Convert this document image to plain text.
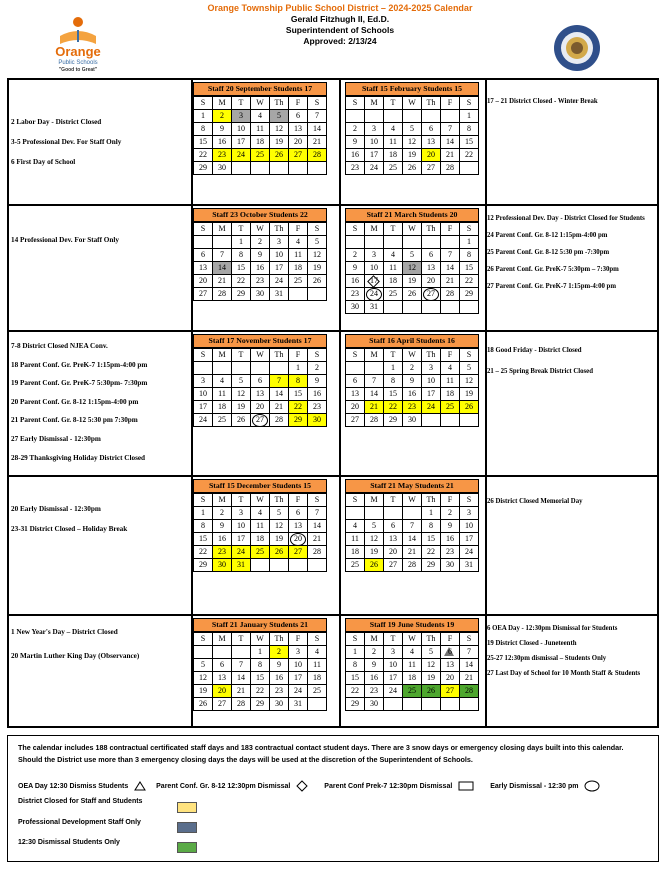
Orange
Public Schools
"Good to Great"
Orange Township Public School District – 2024-2025 Calendar
Gerald Fitzhugh II, Ed.D.
Superintendent of Schools
Approved: 2/13/24
2 Labor Day - District Closed
3-5 Professional Dev. For Staff Only
6 First Day of School
17 – 21 District Closed - Winter Break
Staff 20 September Students 17
S	M	T	W	Th	F	S
1	2	3	4	5	6	7
8	9	10	11	12	13	14
15	16	17	18	19	20	21
22	23	24	25	26	27	28
29	30					
Staff 15 February Students 15
S	M	T	W	Th	F	S
						1
2	3	4	5	6	7	8
9	10	11	12	13	14	15
16	17	18	19	20	21	22
23	24	25	26	27	28	
14 Professional Dev. For Staff Only
12 Professional Dev. Day - District Closed for Students
24 Parent Conf. Gr. 8-12 1:15pm-4:00 pm
25 Parent Conf. Gr. 8-12 5:30 pm -7:30pm
26 Parent Conf. Gr. PreK-7 5:30pm – 7:30pm
27 Parent Conf. Gr. PreK-7 1:15pm-4:00 pm
Staff 23 October Students 22
S	M	T	W	Th	F	S
		1	2	3	4	5
6	7	8	9	10	11	12
13	14	15	16	17	18	19
20	21	22	23	24	25	26
27	28	29	30	31		
Staff 21 March Students 20
S	M	T	W	Th	F	S
						1
2	3	4	5	6	7	8
9	10	11	12	13	14	15
16	17	18	19	20	21	22
23	24	25	26	27	28	29
30	31					
7-8 District Closed NJEA Conv.
18 Parent Conf. Gr. PreK-7 1:15pm-4:00 pm
19 Parent Conf. Gr. PreK-7 5:30pm- 7:30pm
20 Parent Conf. Gr. 8-12 1:15pm-4:00 pm
21 Parent Conf. Gr. 8-12 5:30 pm 7:30pm
27 Early Dismissal - 12:30pm
28-29 Thanksgiving Holiday District Closed
18 Good Friday - District Closed
21 – 25 Spring Break District Closed
Staff 17 November Students 17
S	M	T	W	Th	F	S
					1	2
3	4	5	6	7	8	9
10	11	12	13	14	15	16
17	18	19	20	21	22	23
24	25	26	27	28	29	30
Staff 16 April Students 16
S	M	T	W	Th	F	S
		1	2	3	4	5
6	7	8	9	10	11	12
13	14	15	16	17	18	19
20	21	22	23	24	25	26
27	28	29	30			
20 Early Dismissal - 12:30pm
23-31 District Closed – Holiday Break
26 District Closed Memorial Day
Staff 15 December Students 15
S	M	T	W	Th	F	S
1	2	3	4	5	6	7
8	9	10	11	12	13	14
15	16	17	18	19	20	21
22	23	24	25	26	27	28
29	30	31				
Staff 21 May Students 21
S	M	T	W	Th	F	S
				1	2	3
4	5	6	7	8	9	10
11	12	13	14	15	16	17
18	19	20	21	22	23	24
25	26	27	28	29	30	31
1 New Year's Day – District Closed
20 Martin Luther King Day (Observance)
6 OEA Day - 12:30pm Dismissal for Students
19 District Closed - Juneteenth
25-27 12:30pm dismissal – Students Only
27 Last Day of School for 10 Month Staff & Students
Staff 21 January Students 21
S	M	T	W	Th	F	S
			1	2	3	4
5	6	7	8	9	10	11
12	13	14	15	16	17	18
19	20	21	22	23	24	25
26	27	28	29	30	31	
Staff 19 June Students 19
S	M	T	W	Th	F	S
1	2	3	4	5	6	7
8	9	10	11	12	13	14
15	16	17	18	19	20	21
22	23	24	25	26	27	28
29	30					
The calendar includes 188 contractual certificated staff days and 183 contractual contact student days. There are 3 snow days or emergency closing days built into this calendar.
Should the District use more than 3 emergency closing days the days will be used at the discretion of the Superintendent of Schools.
OEA Day 12:30 Dismiss Students	Parent Conf. Gr. 8-12 12:30pm Dismissal	Parent Conf Prek-7 12:30pm Dismissal	Early Dismissal - 12:30 pm
District Closed for Staff and Students
Professional Development Staff Only
12:30 Dismissal Students Only
